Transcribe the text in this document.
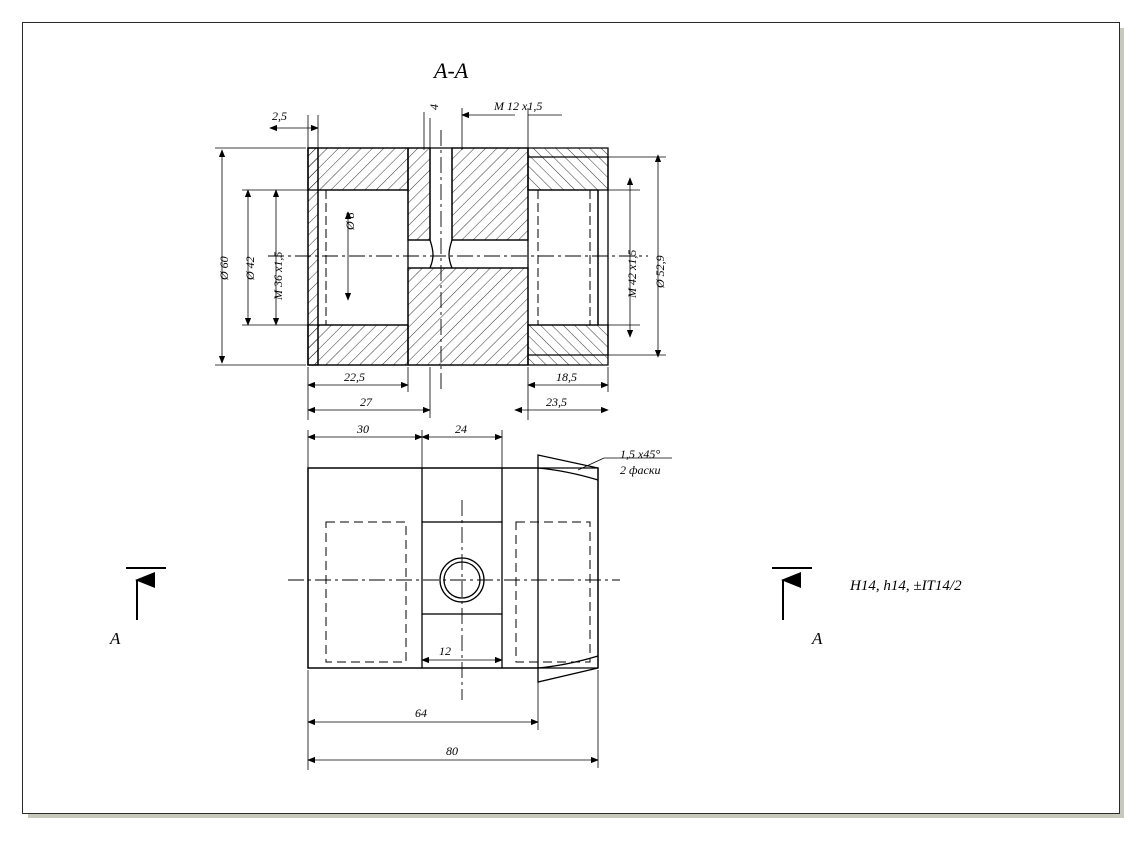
A-A
2,5
4	M 12 x1,5
Ø 60 Ø 42 M 36 x1,5
Ø 8
M 42 x1,5 Ø 52,9
22,5
27
18,5
23,5
30	24
12
64
80
1,5 x45°
2 фаски
A	A
H14, h14, ±IT14/2
